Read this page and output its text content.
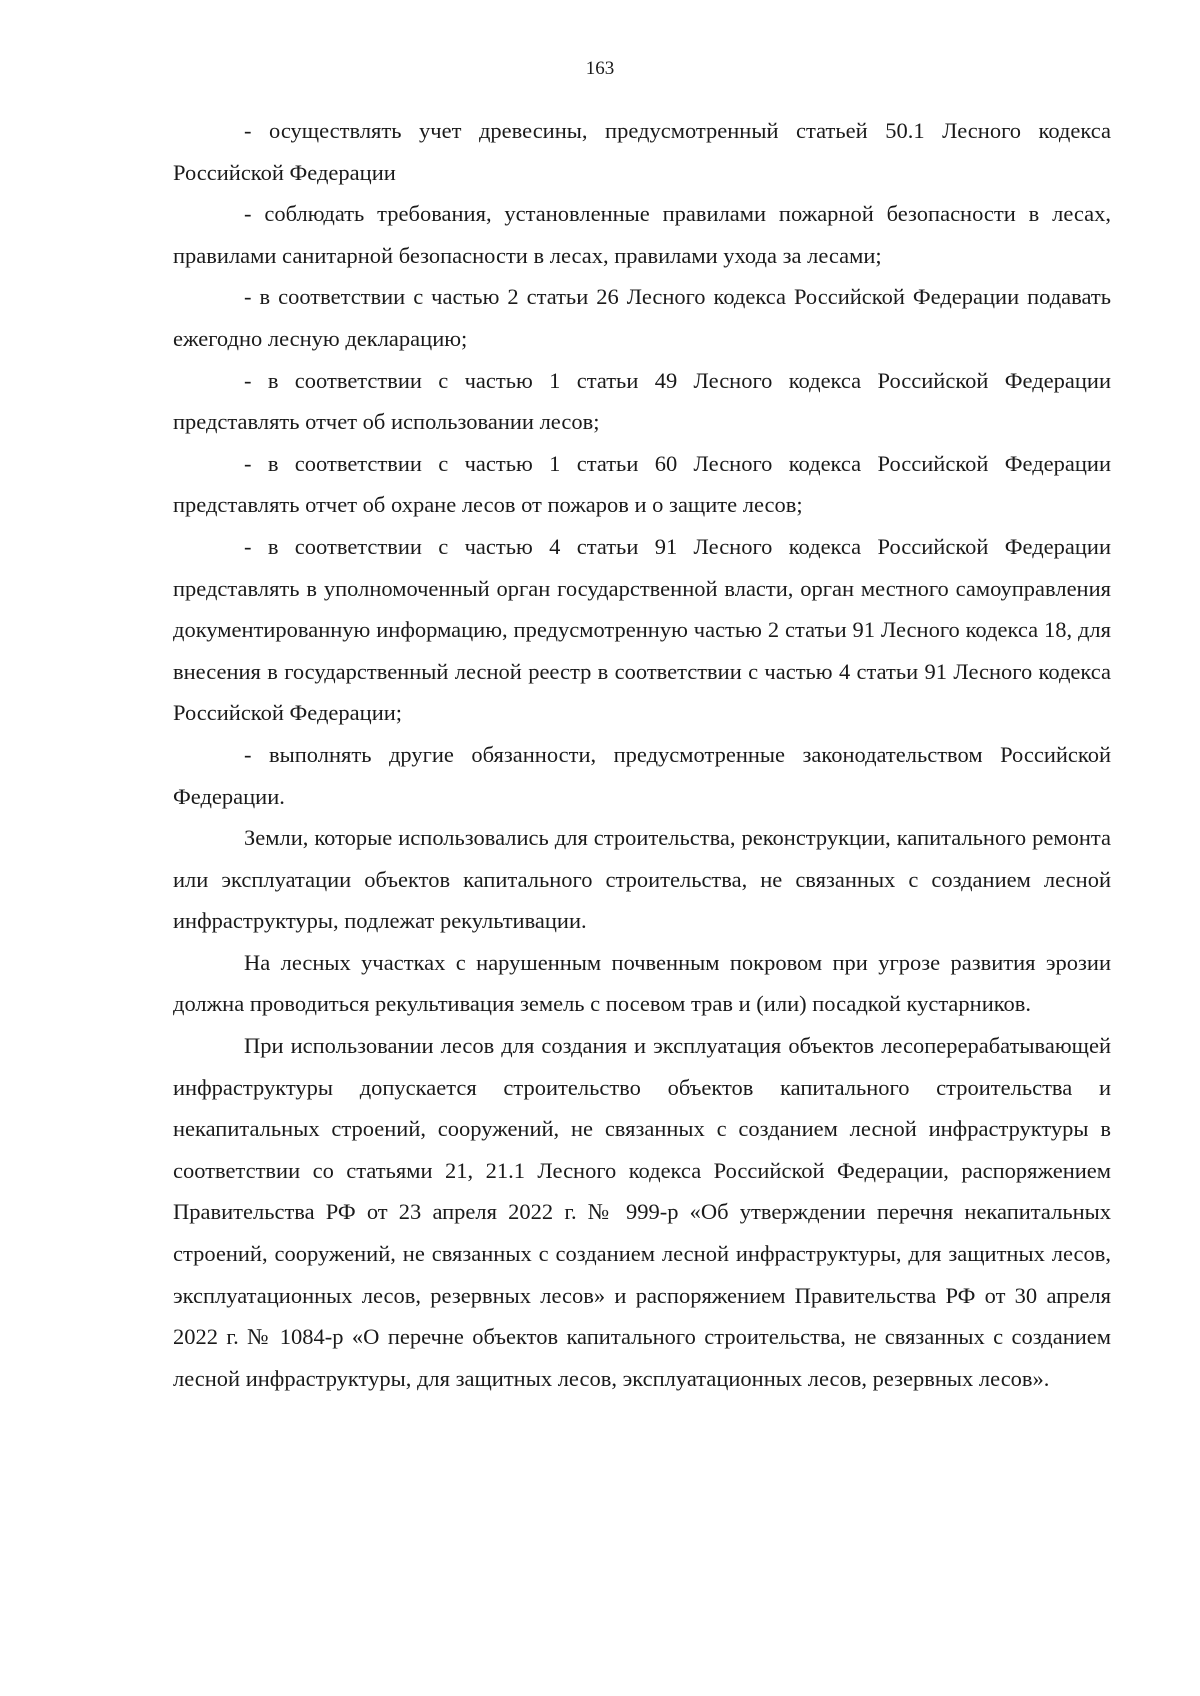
163

- осуществлять учет древесины, предусмотренный статьей 50.1 Лесного кодекса Российской Федерации

- соблюдать требования, установленные правилами пожарной безопасности в лесах, правилами санитарной безопасности в лесах, правилами ухода за лесами;

- в соответствии с частью 2 статьи 26 Лесного кодекса Российской Федерации подавать ежегодно лесную декларацию;

- в соответствии с частью 1 статьи 49 Лесного кодекса Российской Федерации представлять отчет об использовании лесов;

- в соответствии с частью 1 статьи 60 Лесного кодекса Российской Федерации представлять отчет об охране лесов от пожаров и о защите лесов;

- в соответствии с частью 4 статьи 91 Лесного кодекса Российской Федерации представлять в уполномоченный орган государственной власти, орган местного самоуправления документированную информацию, предусмотренную частью 2 статьи 91 Лесного кодекса 18, для внесения в государственный лесной реестр в соответствии с частью 4 статьи 91 Лесного кодекса Российской Федерации;

- выполнять другие обязанности, предусмотренные законодательством Российской Федерации.

Земли, которые использовались для строительства, реконструкции, капитального ремонта или эксплуатации объектов капитального строительства, не связанных с созданием лесной инфраструктуры, подлежат рекультивации.

На лесных участках с нарушенным почвенным покровом при угрозе развития эрозии должна проводиться рекультивация земель с посевом трав и (или) посадкой кустарников.

При использовании лесов для создания и эксплуатация объектов лесоперерабатывающей инфраструктуры допускается строительство объектов капитального строительства и некапитальных строений, сооружений, не связанных с созданием лесной инфраструктуры в соответствии со статьями 21, 21.1 Лесного кодекса Российской Федерации, распоряжением Правительства РФ от 23 апреля 2022 г. № 999-р «Об утверждении перечня некапитальных строений, сооружений, не связанных с созданием лесной инфраструктуры, для защитных лесов, эксплуатационных лесов, резервных лесов» и распоряжением Правительства РФ от 30 апреля 2022 г. № 1084-р «О перечне объектов капитального строительства, не связанных с созданием лесной инфраструктуры, для защитных лесов, эксплуатационных лесов, резервных лесов».
